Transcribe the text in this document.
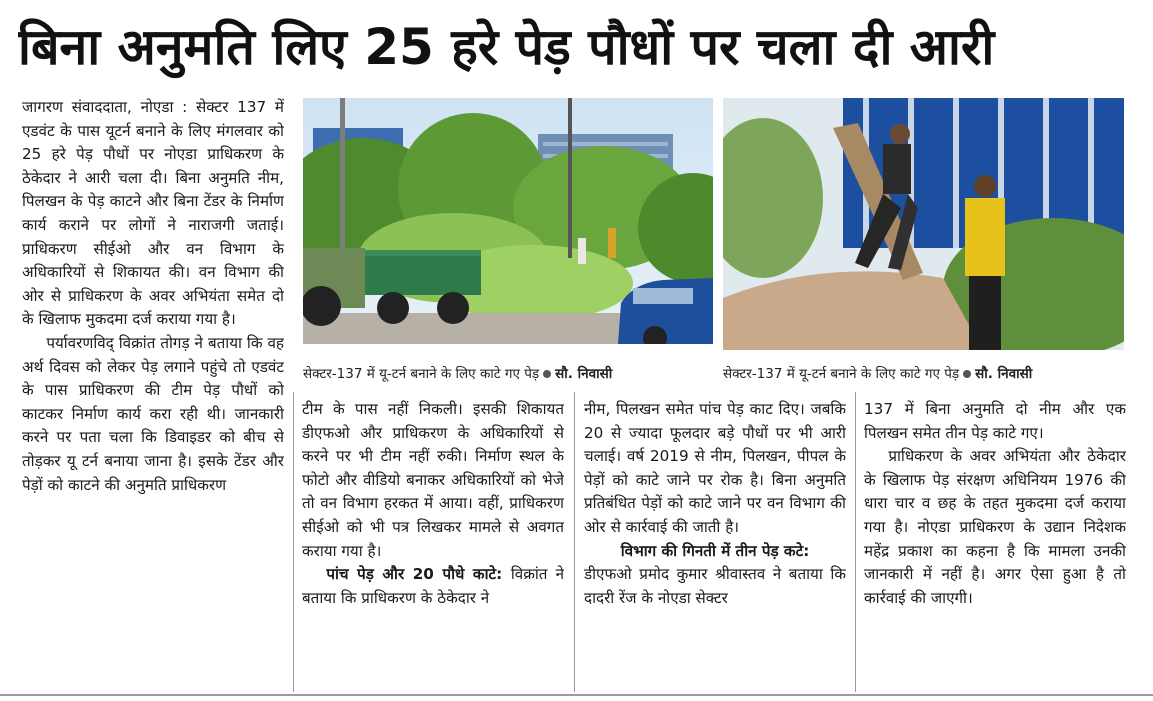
बिना अनुमति लिए 25 हरे पेड़ पौधों पर चला दी आरी

जागरण संवाददाता, नोएडा : सेक्टर 137 में एडवंट के पास यूटर्न बनाने के लिए मंगलवार को 25 हरे पेड़ पौधों पर नोएडा प्राधिकरण के ठेकेदार ने आरी चला दी। बिना अनुमति नीम, पिलखन के पेड़ काटने और बिना टेंडर के निर्माण कार्य कराने पर लोगों ने नाराजगी जताई। प्राधिकरण सीईओ और वन विभाग के अधिकारियों से शिकायत की। वन विभाग की ओर से प्राधिकरण के अवर अभियंता समेत दो के खिलाफ मुकदमा दर्ज कराया गया है।

पर्यावरणविद् विक्रांत तोगड़ ने बताया कि वह अर्थ दिवस को लेकर पेड़ लगाने पहुंचे तो एडवंट के पास प्राधिकरण की टीम पेड़ पौधों को काटकर निर्माण कार्य करा रही थी। जानकारी करने पर पता चला कि डिवाइडर को बीच से तोड़कर यू टर्न बनाया जाना है। इसके टेंडर और पेड़ों को काटने की अनुमति प्राधिकरण

सेक्टर-137 में यू-टर्न बनाने के लिए काटे गए पेड़ सौ. निवासी	सेक्टर-137 में यू-टर्न बनाने के लिए काटे गए पेड़ सौ. निवासी

टीम के पास नहीं निकली। इसकी शिकायत डीएफओ और प्राधिकरण के अधिकारियों से करने पर भी टीम नहीं रुकी। निर्माण स्थल के फोटो और वीडियो बनाकर अधिकारियों को भेजे तो वन विभाग हरकत में आया। वहीं, प्राधिकरण सीईओ को भी पत्र लिखकर मामले से अवगत कराया गया है।

पांच पेड़ और 20 पौधे काटे: विक्रांत ने बताया कि प्राधिकरण के ठेकेदार ने

नीम, पिलखन समेत पांच पेड़ काट दिए। जबकि 20 से ज्यादा फूलदार बड़े पौधों पर भी आरी चलाई। वर्ष 2019 से नीम, पिलखन, पीपल के पेड़ों को काटे जाने पर रोक है। बिना अनुमति प्रतिबंधित पेड़ों को काटे जाने पर वन विभाग की ओर से कार्रवाई की जाती है।

विभाग की गिनती में तीन पेड़ कटे:

डीएफओ प्रमोद कुमार श्रीवास्तव ने बताया कि दादरी रेंज के नोएडा सेक्टर

137 में बिना अनुमति दो नीम और एक पिलखन समेत तीन पेड़ काटे गए।

प्राधिकरण के अवर अभियंता और ठेकेदार के खिलाफ पेड़ संरक्षण अधिनियम 1976 की धारा चार व छह के तहत मुकदमा दर्ज कराया गया है। नोएडा प्राधिकरण के उद्यान निदेशक महेंद्र प्रकाश का कहना है कि मामला उनकी जानकारी में नहीं है। अगर ऐसा हुआ है तो कार्रवाई की जाएगी।
